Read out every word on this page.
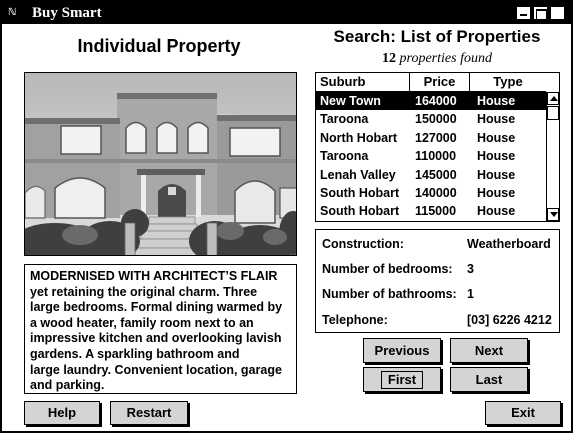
ℕ Buy Smart	✕
Individual Property
MODERNISED WITH ARCHITECT’S FLAIR
yet retaining the original charm. Three
large bedrooms. Formal dining warmed by
a wood heater, family room next to an
impressive kitchen and overlooking lavish
gardens. A sparkling bathroom and
large laundry. Convenient location, garage
and parking.
Search: List of Properties
12 properties found
Suburb	Price	Type
New Town	164000	House
Taroona	150000	House
North Hobart	127000	House
Taroona	110000	House
Lenah Valley	145000	House
South Hobart	140000	House
South Hobart	115000	House
Construction:	Weatherboard
Number of bedrooms: 3
Number of bathrooms: 1
Telephone:	[03] 6226 4212
Previous	Next
First	Last
Help	Restart	Exit
